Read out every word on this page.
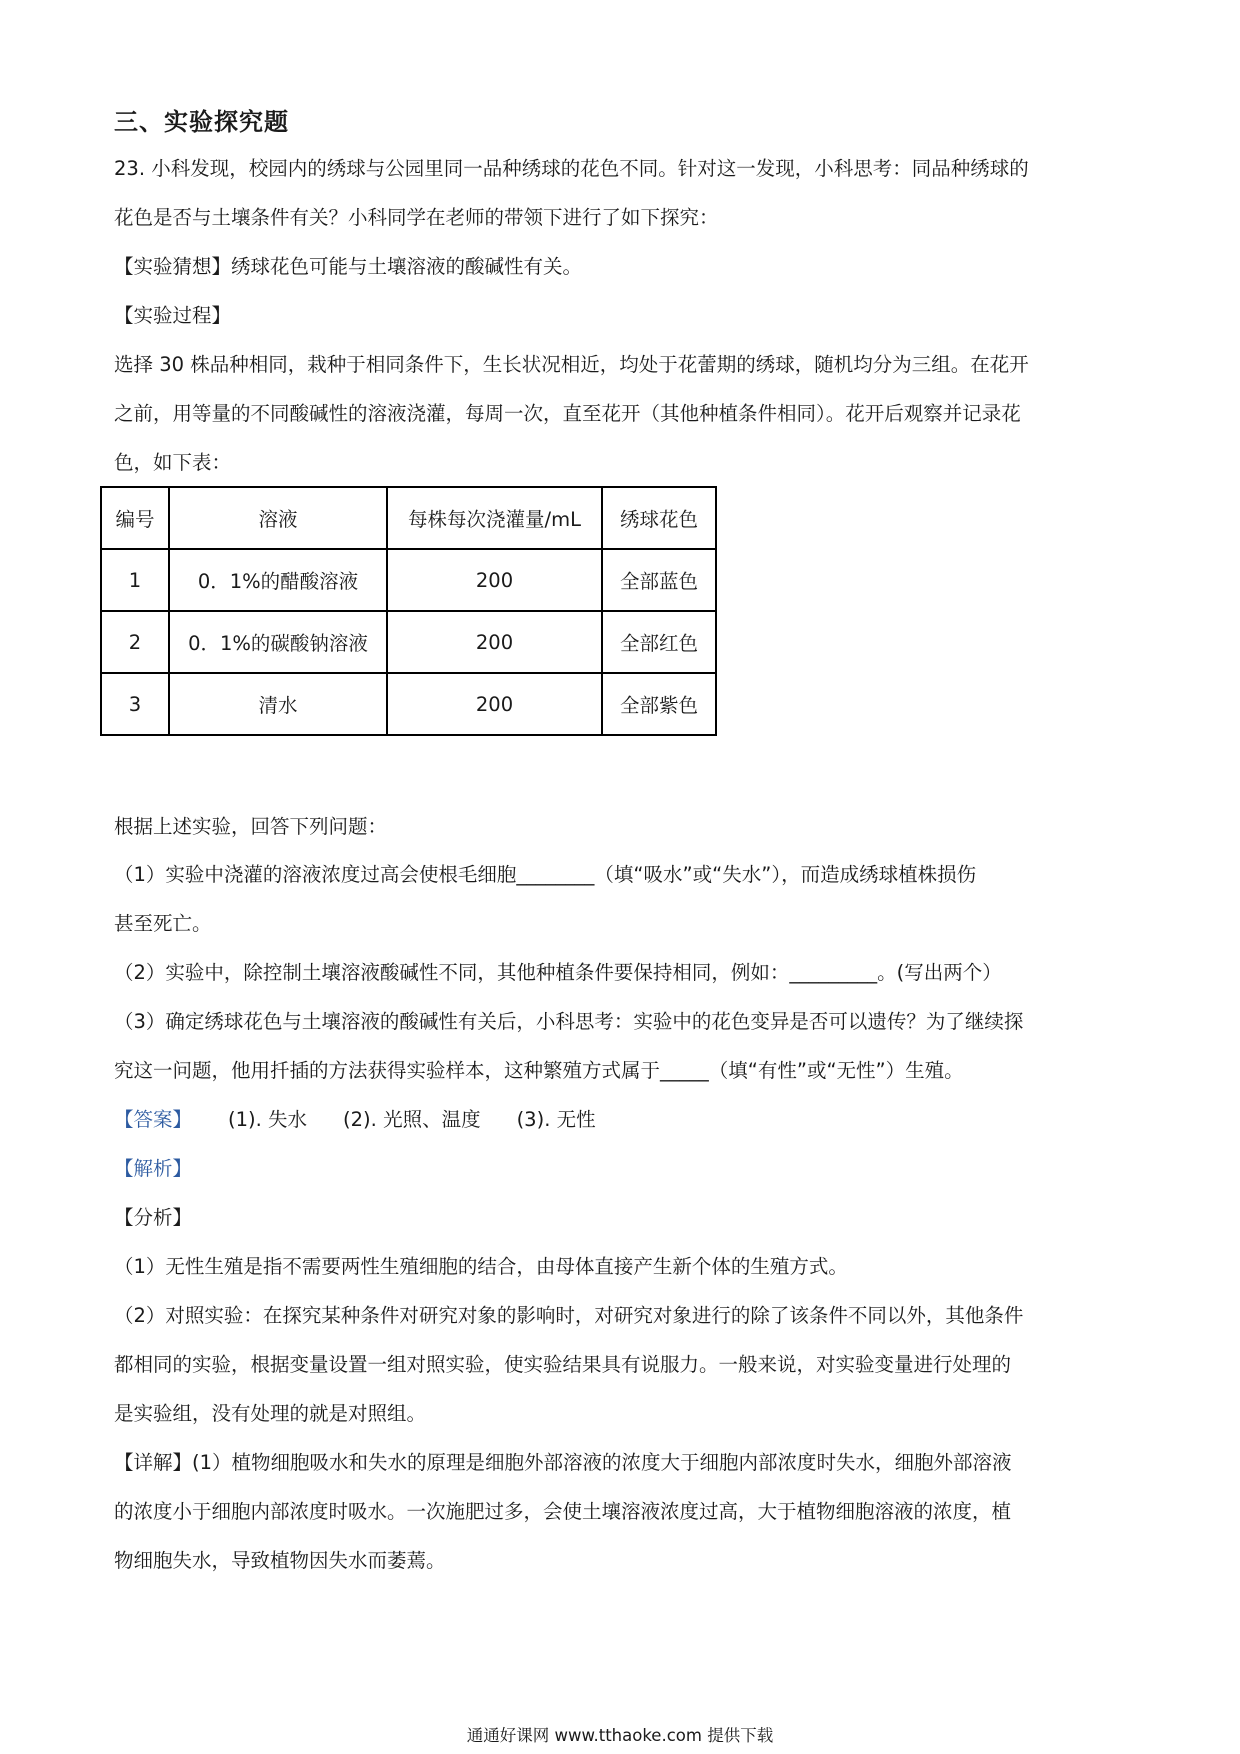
三、实验探究题

23. 小科发现，校园内的绣球与公园里同一品种绣球的花色不同。针对这一发现，小科思考：同品种绣球的

花色是否与土壤条件有关？小科同学在老师的带领下进行了如下探究：

【实验猜想】绣球花色可能与土壤溶液的酸碱性有关。

【实验过程】

选择 30 株品种相同，栽种于相同条件下，生长状况相近，均处于花蕾期的绣球，随机均分为三组。在花开

之前，用等量的不同酸碱性的溶液浇灌，每周一次，直至花开（其他种植条件相同）。花开后观察并记录花

色，如下表：

编号	溶液	每株每次浇灌量/mL	绣球花色
1	0．1%的醋酸溶液	200	全部蓝色
2	0．1%的碳酸钠溶液	200	全部红色
3	清水	200	全部紫色

根据上述实验，回答下列问题：

（1）实验中浇灌的溶液浓度过高会使根毛细胞________（填“吸水”或“失水”），而造成绣球植株损伤

甚至死亡。

（2）实验中，除控制土壤溶液酸碱性不同，其他种植条件要保持相同，例如：_________。(写出两个）

（3）确定绣球花色与土壤溶液的酸碱性有关后，小科思考：实验中的花色变异是否可以遗传？为了继续探

究这一问题，他用扦插的方法获得实验样本，这种繁殖方式属于_____（填“有性”或“无性”）生殖。

【答案】 (1). 失水 (2). 光照、温度 (3). 无性

【解析】

【分析】

（1）无性生殖是指不需要两性生殖细胞的结合，由母体直接产生新个体的生殖方式。

（2）对照实验：在探究某种条件对研究对象的影响时，对研究对象进行的除了该条件不同以外，其他条件

都相同的实验，根据变量设置一组对照实验，使实验结果具有说服力。一般来说，对实验变量进行处理的

是实验组，没有处理的就是对照组。

【详解】(1）植物细胞吸水和失水的原理是细胞外部溶液的浓度大于细胞内部浓度时失水，细胞外部溶液

的浓度小于细胞内部浓度时吸水。一次施肥过多，会使土壤溶液浓度过高，大于植物细胞溶液的浓度，植

物细胞失水，导致植物因失水而萎蔫。

通通好课网 www.tthaoke.com 提供下载
